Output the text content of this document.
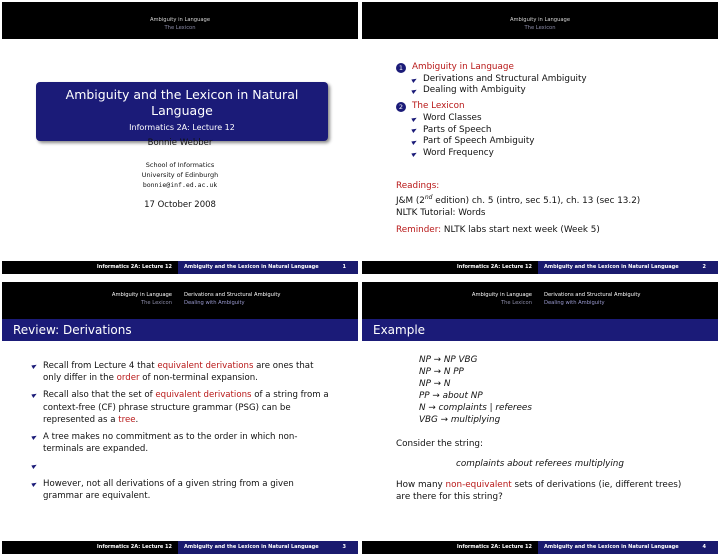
Ambiguity in Language
The Lexicon
Ambiguity and the Lexicon in Natural Language
Informatics 2A: Lecture 12
Bonnie Webber
School of Informatics
University of Edinburgh
bonnie@inf.ed.ac.uk
17 October 2008
Informatics 2A: Lecture 12	Ambiguity and the Lexicon in Natural Language	1
Ambiguity in Language
The Lexicon
1	Ambiguity in Language
Derivations and Structural Ambiguity
Dealing with Ambiguity
2	The Lexicon
Word Classes
Parts of Speech
Part of Speech Ambiguity
Word Frequency
Readings:
J&M (2nd edition) ch. 5 (intro, sec 5.1), ch. 13 (sec 13.2)
NLTK Tutorial: Words
Reminder: NLTK labs start next week (Week 5)
Informatics 2A: Lecture 12	Ambiguity and the Lexicon in Natural Language	2
Ambiguity in Language
The Lexicon
Derivations and Structural Ambiguity
Dealing with Ambiguity
Review: Derivations
Recall from Lecture 4 that equivalent derivations are ones that only differ in the order of non-terminal expansion.
Recall also that the set of equivalent derivations of a string from a context-free (CF) phrase structure grammar (PSG) can be represented as a tree.
A tree makes no commitment as to the order in which non-terminals are expanded.

However, not all derivations of a given string from a given grammar are equivalent.
Informatics 2A: Lecture 12	Ambiguity and the Lexicon in Natural Language	3
Ambiguity in Language
The Lexicon
Derivations and Structural Ambiguity
Dealing with Ambiguity
Example
NP → NP VBG
NP → N PP
NP → N
PP → about NP
N → complaints | referees
VBG → multiplying
Consider the string:
complaints about referees multiplying
How many non-equivalent sets of derivations (ie, different trees) are there for this string?
Informatics 2A: Lecture 12	Ambiguity and the Lexicon in Natural Language	4
